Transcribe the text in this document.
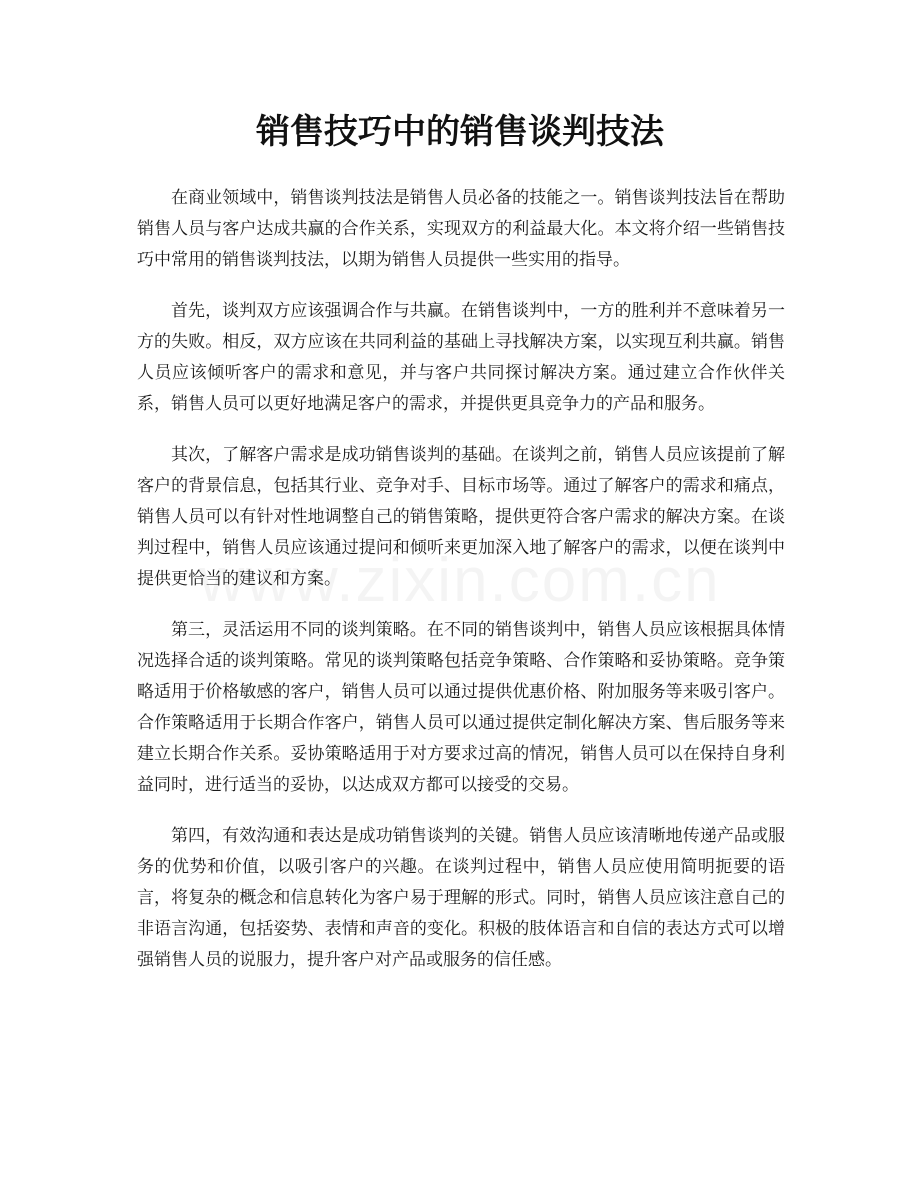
销售技巧中的销售谈判技法

在商业领域中，销售谈判技法是销售人员必备的技能之一。销售谈判技法旨在帮助销售人员与客户达成共赢的合作关系，实现双方的利益最大化。本文将介绍一些销售技巧中常用的销售谈判技法，以期为销售人员提供一些实用的指导。

首先，谈判双方应该强调合作与共赢。在销售谈判中，一方的胜利并不意味着另一方的失败。相反，双方应该在共同利益的基础上寻找解决方案，以实现互利共赢。销售人员应该倾听客户的需求和意见，并与客户共同探讨解决方案。通过建立合作伙伴关系，销售人员可以更好地满足客户的需求，并提供更具竞争力的产品和服务。

其次，了解客户需求是成功销售谈判的基础。在谈判之前，销售人员应该提前了解客户的背景信息，包括其行业、竞争对手、目标市场等。通过了解客户的需求和痛点，销售人员可以有针对性地调整自己的销售策略，提供更符合客户需求的解决方案。在谈判过程中，销售人员应该通过提问和倾听来更加深入地了解客户的需求，以便在谈判中提供更恰当的建议和方案。

第三，灵活运用不同的谈判策略。在不同的销售谈判中，销售人员应该根据具体情况选择合适的谈判策略。常见的谈判策略包括竞争策略、合作策略和妥协策略。竞争策略适用于价格敏感的客户，销售人员可以通过提供优惠价格、附加服务等来吸引客户。合作策略适用于长期合作客户，销售人员可以通过提供定制化解决方案、售后服务等来建立长期合作关系。妥协策略适用于对方要求过高的情况，销售人员可以在保持自身利益同时，进行适当的妥协，以达成双方都可以接受的交易。

第四，有效沟通和表达是成功销售谈判的关键。销售人员应该清晰地传递产品或服务的优势和价值，以吸引客户的兴趣。在谈判过程中，销售人员应使用简明扼要的语言，将复杂的概念和信息转化为客户易于理解的形式。同时，销售人员应该注意自己的非语言沟通，包括姿势、表情和声音的变化。积极的肢体语言和自信的表达方式可以增强销售人员的说服力，提升客户对产品或服务的信任感。
